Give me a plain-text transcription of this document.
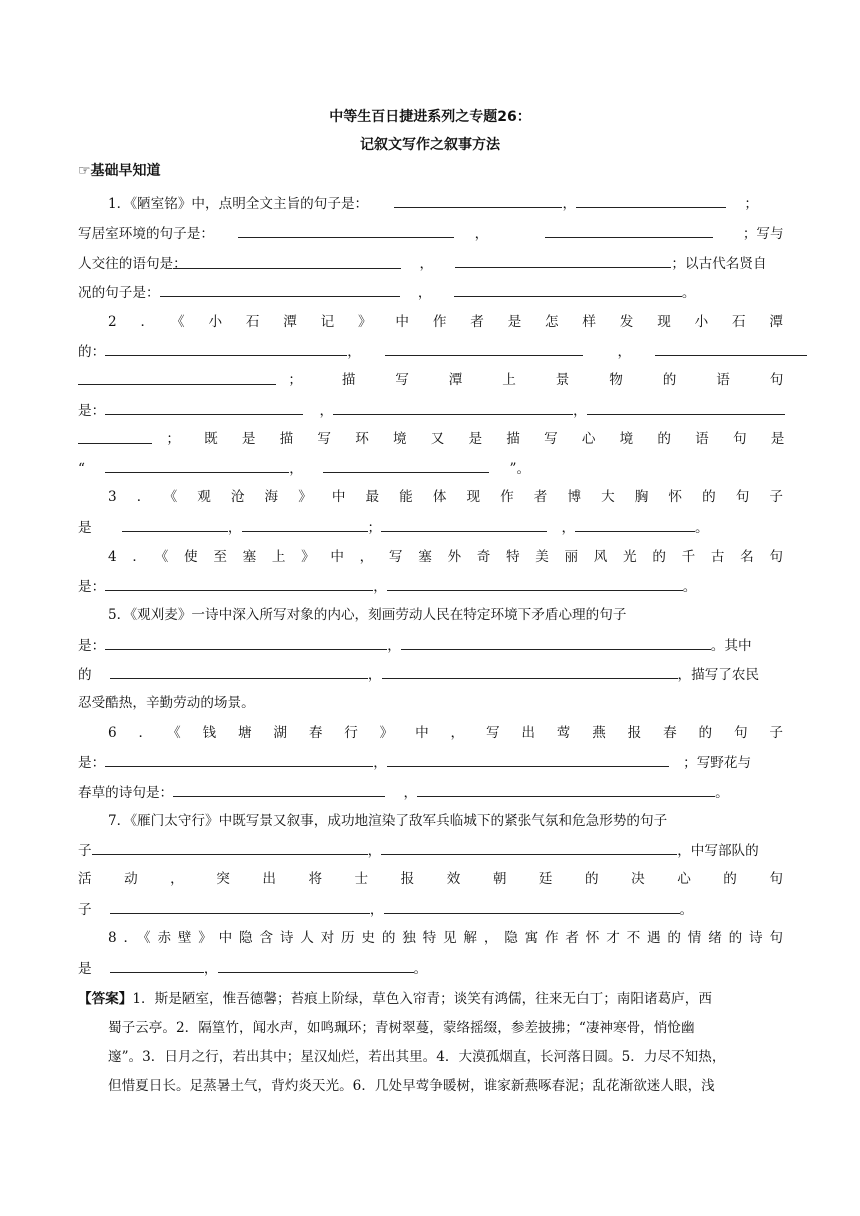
中等生百日捷进系列之专题26：
记叙文写作之叙事方法
☞基础早知道
1．《陋室铭》中，点明全文主旨的句子是：	，	；
写居室环境的句子是：	，	；写与
人交往的语句是：	，	；以古代名贤自
况的句子是：	，	。
2．《小石潭记》中作者是怎样发现小石潭
的：	，	，
；描写潭上景物的语句
是：	，	，
；既是描写环境又是描写心境的语句是
“	，	”。
3．《观沧海》中最能体现作者博大胸怀的句子
是	，	；	，	。
4．《使至塞上》中，写塞外奇特美丽风光的千古名句
是：	，	。
5．《观刈麦》一诗中深入所写对象的内心，刻画劳动人民在特定环境下矛盾心理的句子
是：	，	。其中
的	，	，描写了农民
忍受酷热，辛勤劳动的场景。
6．《钱塘湖春行》中，写出莺燕报春的句子
是：	，	；写野花与
春草的诗句是：	，	。
7．《雁门太守行》中既写景又叙事，成功地渲染了敌军兵临城下的紧张气氛和危急形势的句子
子	，	，中写部队的
活动，突出将士报效朝廷的决心的句
子	，	。
8．《赤壁》中隐含诗人对历史的独特见解，隐寓作者怀才不遇的情绪的诗句
是	，	。
【答案】1．斯是陋室，惟吾德馨；苔痕上阶绿，草色入帘青；谈笑有鸿儒，往来无白丁；南阳诸葛庐，西
蜀子云亭。2．隔篁竹，闻水声，如鸣珮环；青树翠蔓，蒙络摇缀，参差披拂；“凄神寒骨，悄怆幽
邃”。3．日月之行，若出其中；星汉灿烂，若出其里。4．大漠孤烟直，长河落日圆。5．力尽不知热，
但惜夏日长。足蒸暑土气，背灼炎天光。6．几处早莺争暖树，谁家新燕啄春泥；乱花渐欲迷人眼，浅
